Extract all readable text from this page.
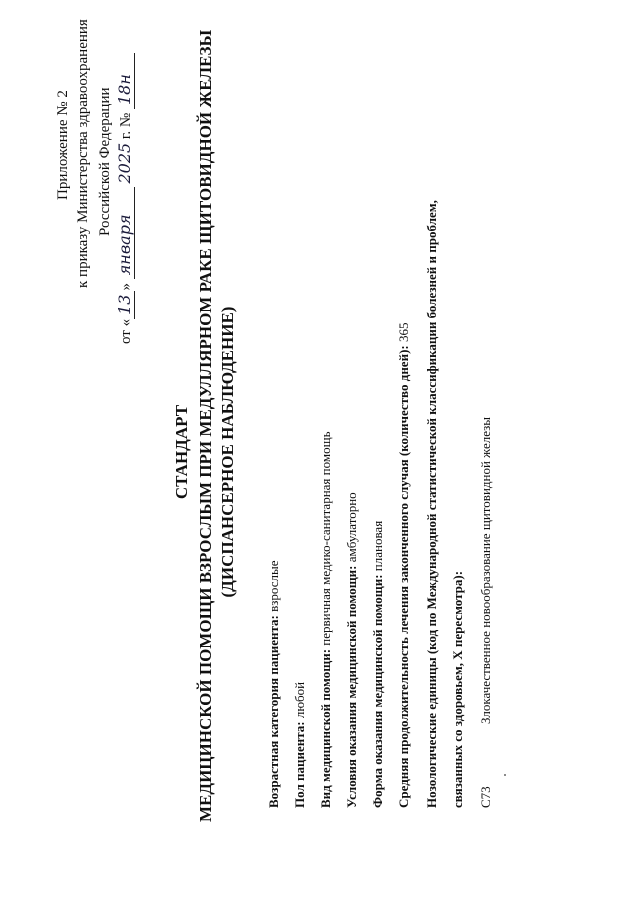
Приложение № 2 к приказу Министерства здравоохранения Российской Федерации
от «13» января 2025 г. № 18н
СТАНДАРТ МЕДИЦИНСКОЙ ПОМОЩИ ВЗРОСЛЫМ ПРИ МЕДУЛЛЯРНОМ РАКЕ ЩИТОВИДНОЙ ЖЕЛЕЗЫ (ДИСПАНСЕРНОЕ НАБЛЮДЕНИЕ)
Возрастная категория пациента: взрослые
Пол пациента: любой Вид медицинской помощи: первичная медико-санитарная помощь
Условия оказания медицинской помощи: амбулаторно
Форма оказания медицинской помощи: плановая Средняя продолжительность лечения законченного случая (количество дней): 365 Нозологические единицы (код по Международной статистической классификации болезней и проблем, связанных со здоровьем, X пересмотра): C73
Злокачественное новообразование щитовидной железы
